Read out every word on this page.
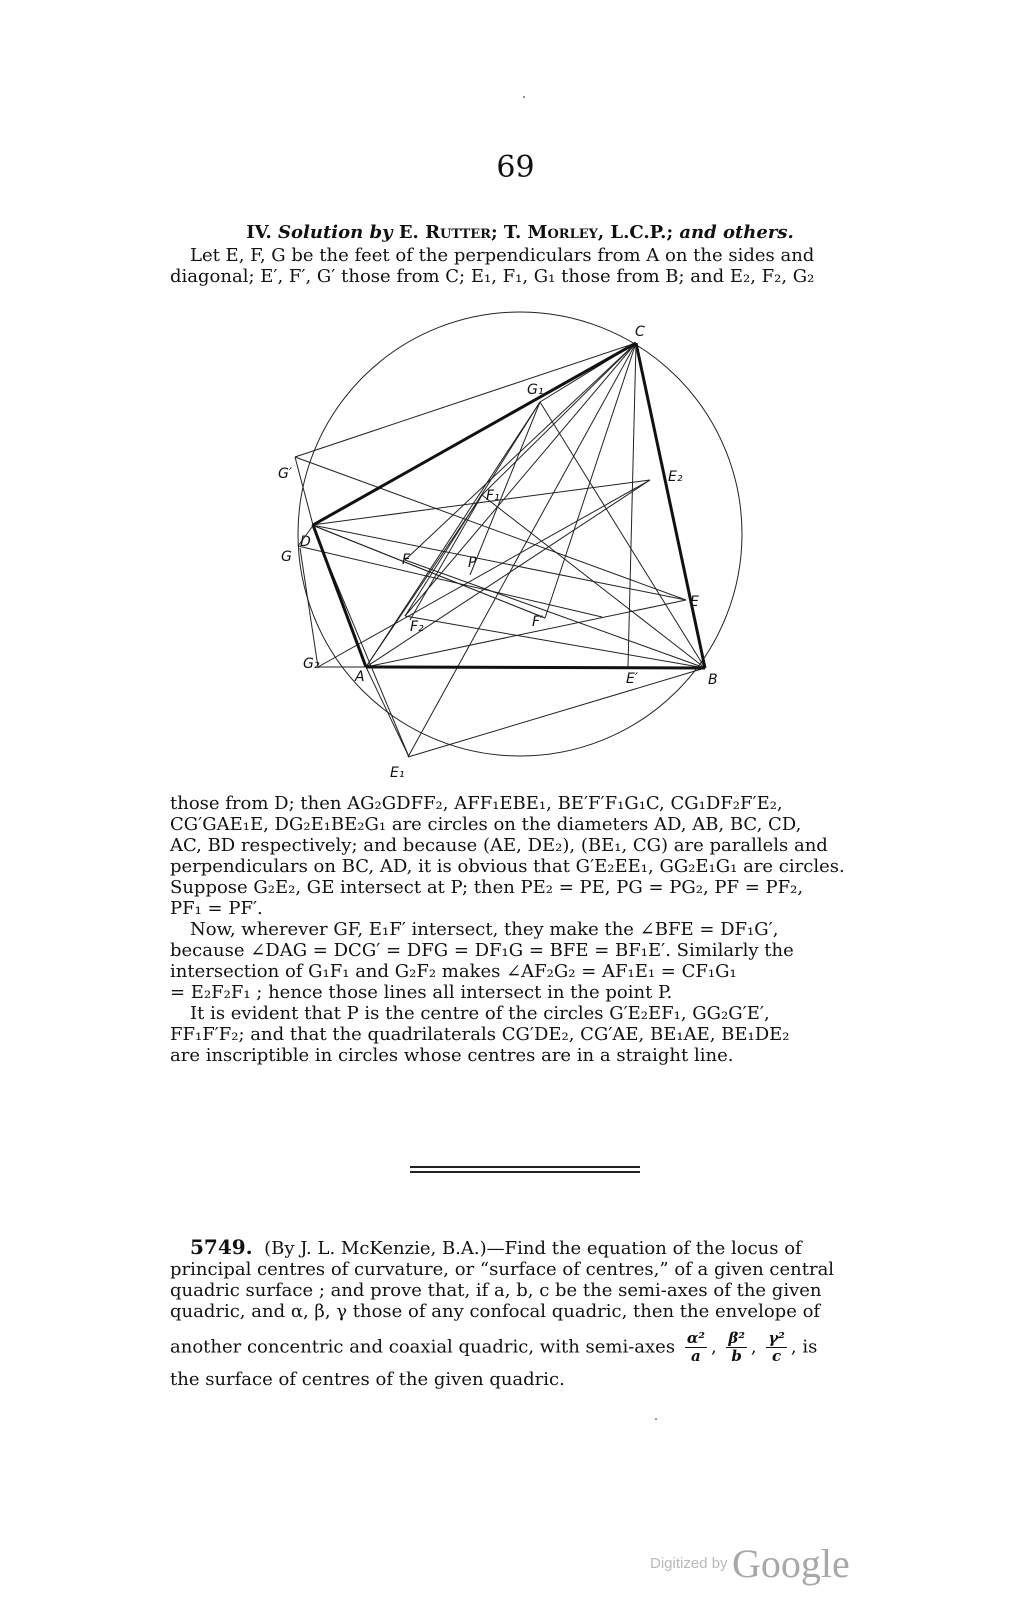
69
IV. Solution by E. Rutter; T. Morley, L.C.P.; and others.
Let E, F, G be the feet of the perpendiculars from A on the sides and
diagonal; E′, F′, G′ those from C; E₁, F₁, G₁ those from B; and E₂, F₂, G₂
C
G₁
G′	E₂
F₁
D
G	F	P
E
F′
F₂
G₂
A	E′	B
E₁
those from D; then AG₂GDFF₂, AFF₁EBE₁, BE′F′F₁G₁C, CG₁DF₂F′E₂,
CG′GAE₁E, DG₂E₁BE₂G₁ are circles on the diameters AD, AB, BC, CD,
AC, BD respectively; and because (AE, DE₂), (BE₁, CG) are parallels and
perpendiculars on BC, AD, it is obvious that G′E₂EE₁, GG₂E₁G₁ are circles.
Suppose G₂E₂, GE intersect at P; then PE₂ = PE, PG = PG₂, PF = PF₂,
PF₁ = PF′.
Now, wherever GF, E₁F′ intersect, they make the ∠BFE = DF₁G′,
because ∠DAG = DCG′ = DFG = DF₁G = BFE = BF₁E′. Similarly the
intersection of G₁F₁ and G₂F₂ makes ∠AF₂G₂ = AF₁E₁ = CF₁G₁
= E₂F₂F₁ ; hence those lines all intersect in the point P.
It is evident that P is the centre of the circles G′E₂EF₁, GG₂G′E′,
FF₁F′F₂; and that the quadrilaterals CG′DE₂, CG′AE, BE₁AE, BE₁DE₂
are inscriptible in circles whose centres are in a straight line.
5749. (By J. L. McKenzie, B.A.)—Find the equation of the locus of
principal centres of curvature, or “surface of centres,” of a given central
quadric surface ; and prove that, if a, b, c be the semi-axes of the given
quadric, and α, β, γ those of any confocal quadric, then the envelope of
another concentric and coaxial quadric, with semi-axes $\frac{\text{α²}}{a}$ , $\frac{\text{β²}}{b}$ , $\frac{\text{γ²}}{c}$ , is
the surface of centres of the given quadric.
Digitized by Google
